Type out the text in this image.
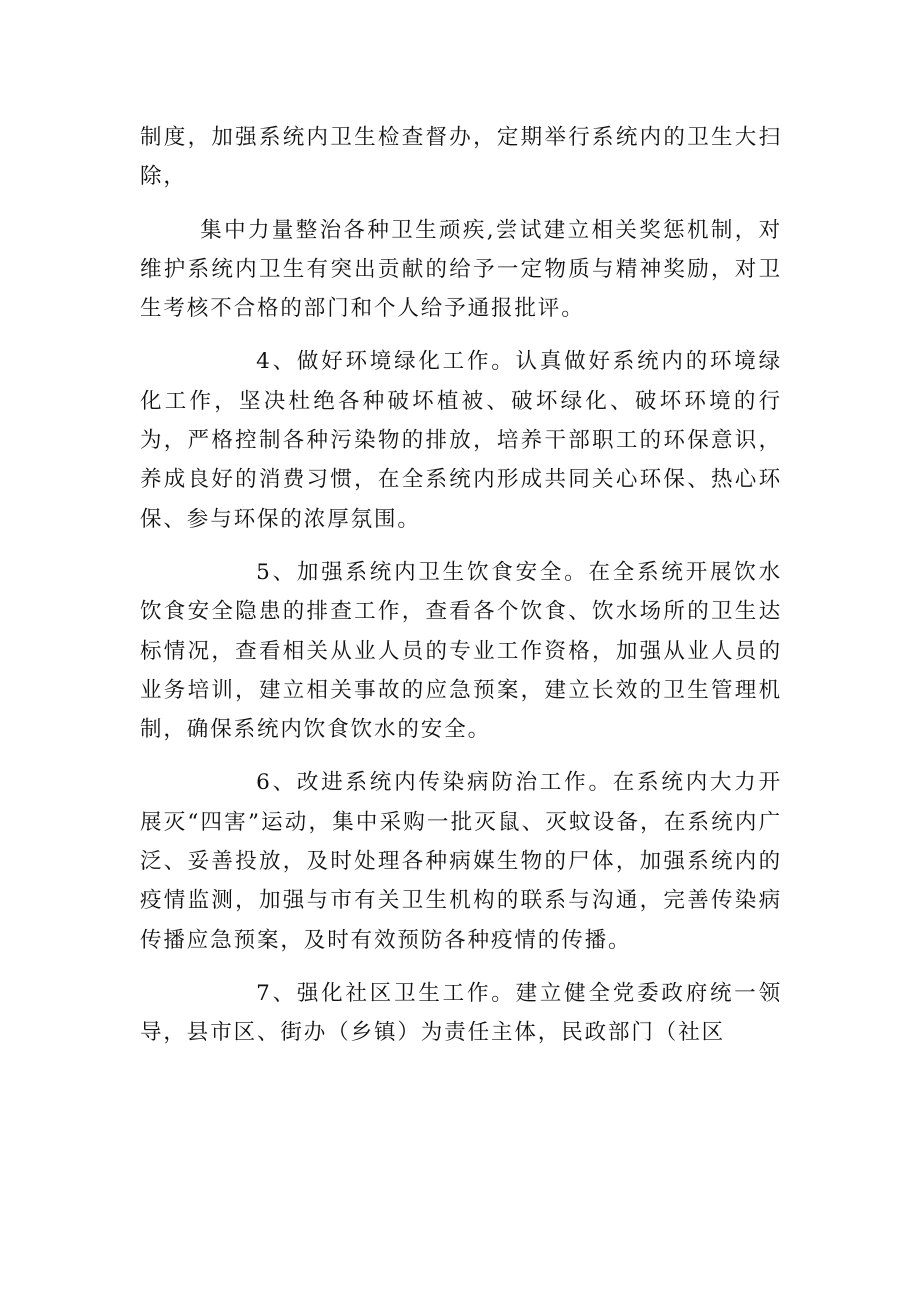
制度，加强系统内卫生检查督办，定期举行系统内的卫生大扫除，

集中力量整治各种卫生顽疾,尝试建立相关奖惩机制，对维护系统内卫生有突出贡献的给予一定物质与精神奖励，对卫生考核不合格的部门和个人给予通报批评。

4、做好环境绿化工作。认真做好系统内的环境绿化工作，坚决杜绝各种破坏植被、破坏绿化、破坏环境的行为，严格控制各种污染物的排放，培养干部职工的环保意识，养成良好的消费习惯，在全系统内形成共同关心环保、热心环保、参与环保的浓厚氛围。

5、加强系统内卫生饮食安全。在全系统开展饮水饮食安全隐患的排查工作，查看各个饮食、饮水场所的卫生达标情况，查看相关从业人员的专业工作资格，加强从业人员的业务培训，建立相关事故的应急预案，建立长效的卫生管理机制，确保系统内饮食饮水的安全。

6、改进系统内传染病防治工作。在系统内大力开展灭“四害”运动，集中采购一批灭鼠、灭蚊设备，在系统内广泛、妥善投放，及时处理各种病媒生物的尸体，加强系统内的疫情监测，加强与市有关卫生机构的联系与沟通，完善传染病传播应急预案，及时有效预防各种疫情的传播。

7、强化社区卫生工作。建立健全党委政府统一领导，县市区、街办（乡镇）为责任主体，民政部门（社区
